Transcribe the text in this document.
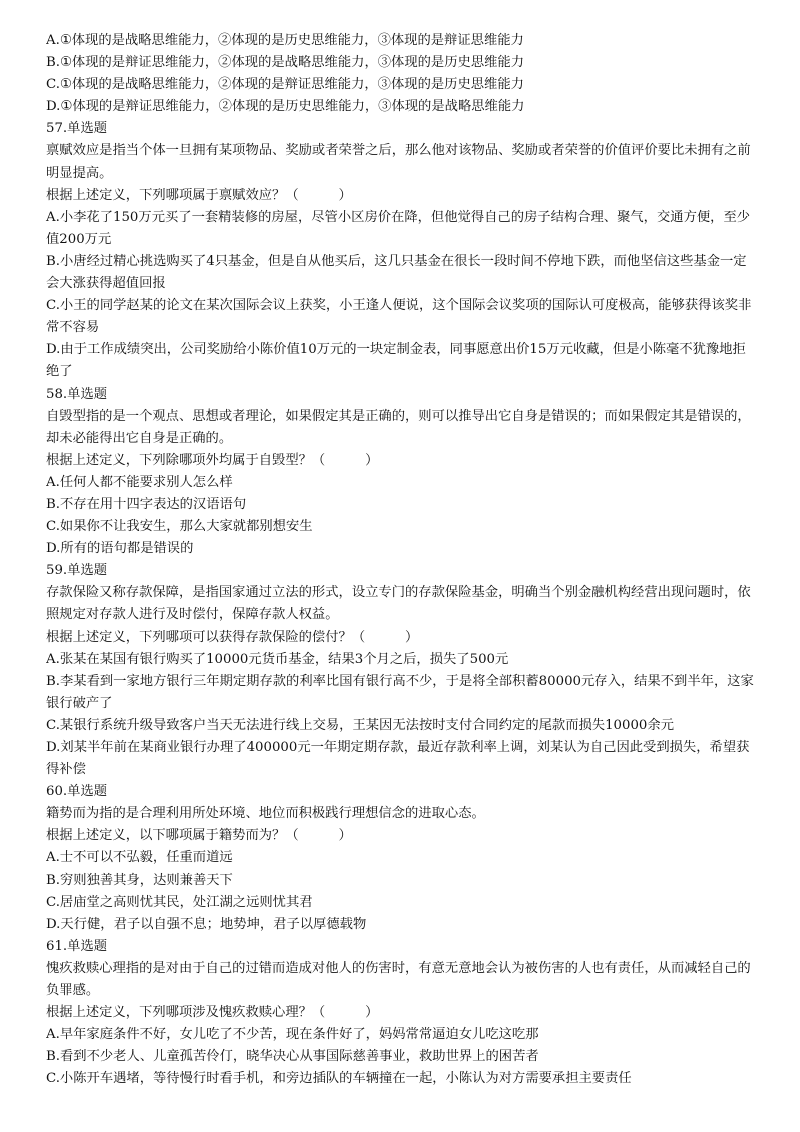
A.①体现的是战略思维能力，②体现的是历史思维能力，③体现的是辩证思维能力
B.①体现的是辩证思维能力，②体现的是战略思维能力，③体现的是历史思维能力
C.①体现的是战略思维能力，②体现的是辩证思维能力，③体现的是历史思维能力
D.①体现的是辩证思维能力，②体现的是历史思维能力，③体现的是战略思维能力
57.单选题
禀赋效应是指当个体一旦拥有某项物品、奖励或者荣誉之后，那么他对该物品、奖励或者荣誉的价值评价要比未拥有之前明显提高。
根据上述定义，下列哪项属于禀赋效应？（　　　）
A.小李花了150万元买了一套精装修的房屋，尽管小区房价在降，但他觉得自己的房子结构合理、聚气，交通方便，至少值200万元
B.小唐经过精心挑选购买了4只基金，但是自从他买后，这几只基金在很长一段时间不停地下跌，而他坚信这些基金一定会大涨获得超值回报
C.小王的同学赵某的论文在某次国际会议上获奖，小王逢人便说，这个国际会议奖项的国际认可度极高，能够获得该奖非常不容易
D.由于工作成绩突出，公司奖励给小陈价值10万元的一块定制金表，同事愿意出价15万元收藏，但是小陈毫不犹豫地拒绝了
58.单选题
自毁型指的是一个观点、思想或者理论，如果假定其是正确的，则可以推导出它自身是错误的；而如果假定其是错误的，却未必能得出它自身是正确的。
根据上述定义，下列除哪项外均属于自毁型？（　　　）
A.任何人都不能要求别人怎么样
B.不存在用十四字表达的汉语语句
C.如果你不让我安生，那么大家就都别想安生
D.所有的语句都是错误的
59.单选题
存款保险又称存款保障，是指国家通过立法的形式，设立专门的存款保险基金，明确当个别金融机构经营出现问题时，依照规定对存款人进行及时偿付，保障存款人权益。
根据上述定义，下列哪项可以获得存款保险的偿付？（　　　）
A.张某在某国有银行购买了10000元货币基金，结果3个月之后，损失了500元
B.李某看到一家地方银行三年期定期存款的利率比国有银行高不少，于是将全部积蓄80000元存入，结果不到半年，这家银行破产了
C.某银行系统升级导致客户当天无法进行线上交易，王某因无法按时支付合同约定的尾款而损失10000余元
D.刘某半年前在某商业银行办理了400000元一年期定期存款，最近存款利率上调，刘某认为自己因此受到损失，希望获得补偿
60.单选题
籍势而为指的是合理利用所处环境、地位而积极践行理想信念的进取心态。
根据上述定义，以下哪项属于籍势而为？（　　　）
A.士不可以不弘毅，任重而道远
B.穷则独善其身，达则兼善天下
C.居庙堂之高则忧其民，处江湖之远则忧其君
D.天行健，君子以自强不息；地势坤，君子以厚德载物
61.单选题
愧疚救赎心理指的是对由于自己的过错而造成对他人的伤害时，有意无意地会认为被伤害的人也有责任，从而减轻自己的负罪感。
根据上述定义，下列哪项涉及愧疚救赎心理？（　　　）
A.早年家庭条件不好，女儿吃了不少苦，现在条件好了，妈妈常常逼迫女儿吃这吃那
B.看到不少老人、儿童孤苦伶仃，晓华决心从事国际慈善事业，救助世界上的困苦者
C.小陈开车遇堵，等待慢行时看手机，和旁边插队的车辆撞在一起，小陈认为对方需要承担主要责任
